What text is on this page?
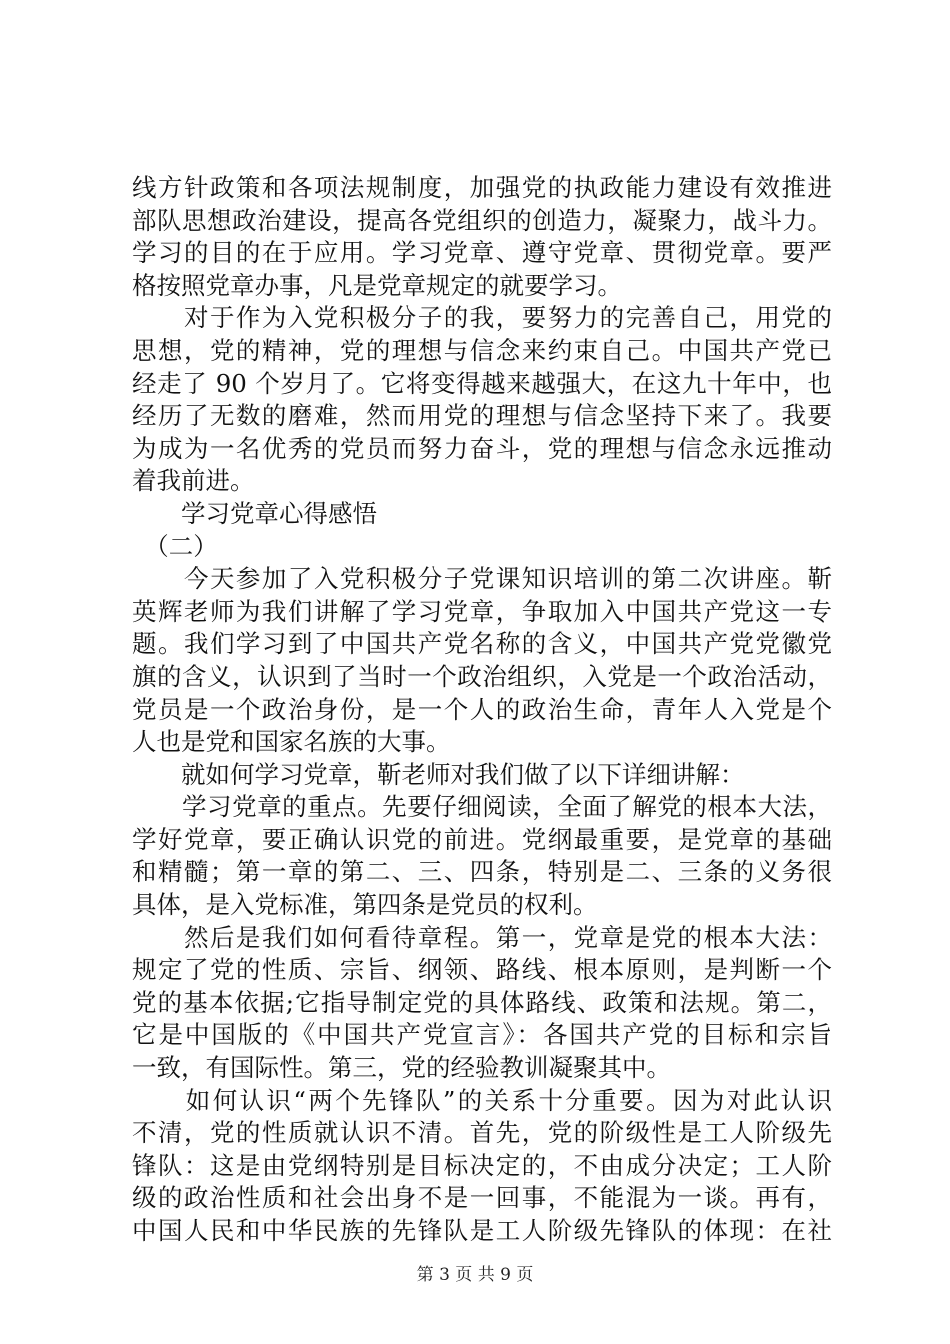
线方针政策和各项法规制度，加强党的执政能力建设有效推进
部队思想政治建设，提高各党组织的创造力，凝聚力，战斗力。
学习的目的在于应用。学习党章、遵守党章、贯彻党章。要严
格按照党章办事，凡是党章规定的就要学习。
　　对于作为入党积极分子的我，要努力的完善自己，用党的
思想，党的精神，党的理想与信念来约束自己。中国共产党已
经走了 90 个岁月了。它将变得越来越强大，在这九十年中，也
经历了无数的磨难，然而用党的理想与信念坚持下来了。我要
为成为一名优秀的党员而努力奋斗，党的理想与信念永远推动
着我前进。
　　学习党章心得感悟
　（二）
　　今天参加了入党积极分子党课知识培训的第二次讲座。靳
英辉老师为我们讲解了学习党章，争取加入中国共产党这一专
题。我们学习到了中国共产党名称的含义，中国共产党党徽党
旗的含义，认识到了当时一个政治组织，入党是一个政治活动，
党员是一个政治身份，是一个人的政治生命，青年人入党是个
人也是党和国家名族的大事。
　　就如何学习党章，靳老师对我们做了以下详细讲解：
　　学习党章的重点。先要仔细阅读，全面了解党的根本大法，
学好党章，要正确认识党的前进。党纲最重要，是党章的基础
和精髓；第一章的第二、三、四条，特别是二、三条的义务很
具体，是入党标准，第四条是党员的权利。
　　然后是我们如何看待章程。第一，党章是党的根本大法：
规定了党的性质、宗旨、纲领、路线、根本原则，是判断一个
党的基本依据;它指导制定党的具体路线、政策和法规。第二，
它是中国版的《中国共产党宣言》：各国共产党的目标和宗旨
一致，有国际性。第三，党的经验教训凝聚其中。
　　如何认识“两个先锋队”的关系十分重要。因为对此认识
不清，党的性质就认识不清。首先，党的阶级性是工人阶级先
锋队：这是由党纲特别是目标决定的，不由成分决定；工人阶
级的政治性质和社会出身不是一回事，不能混为一谈。再有，
中国人民和中华民族的先锋队是工人阶级先锋队的体现：在社
第 3 页 共 9 页
